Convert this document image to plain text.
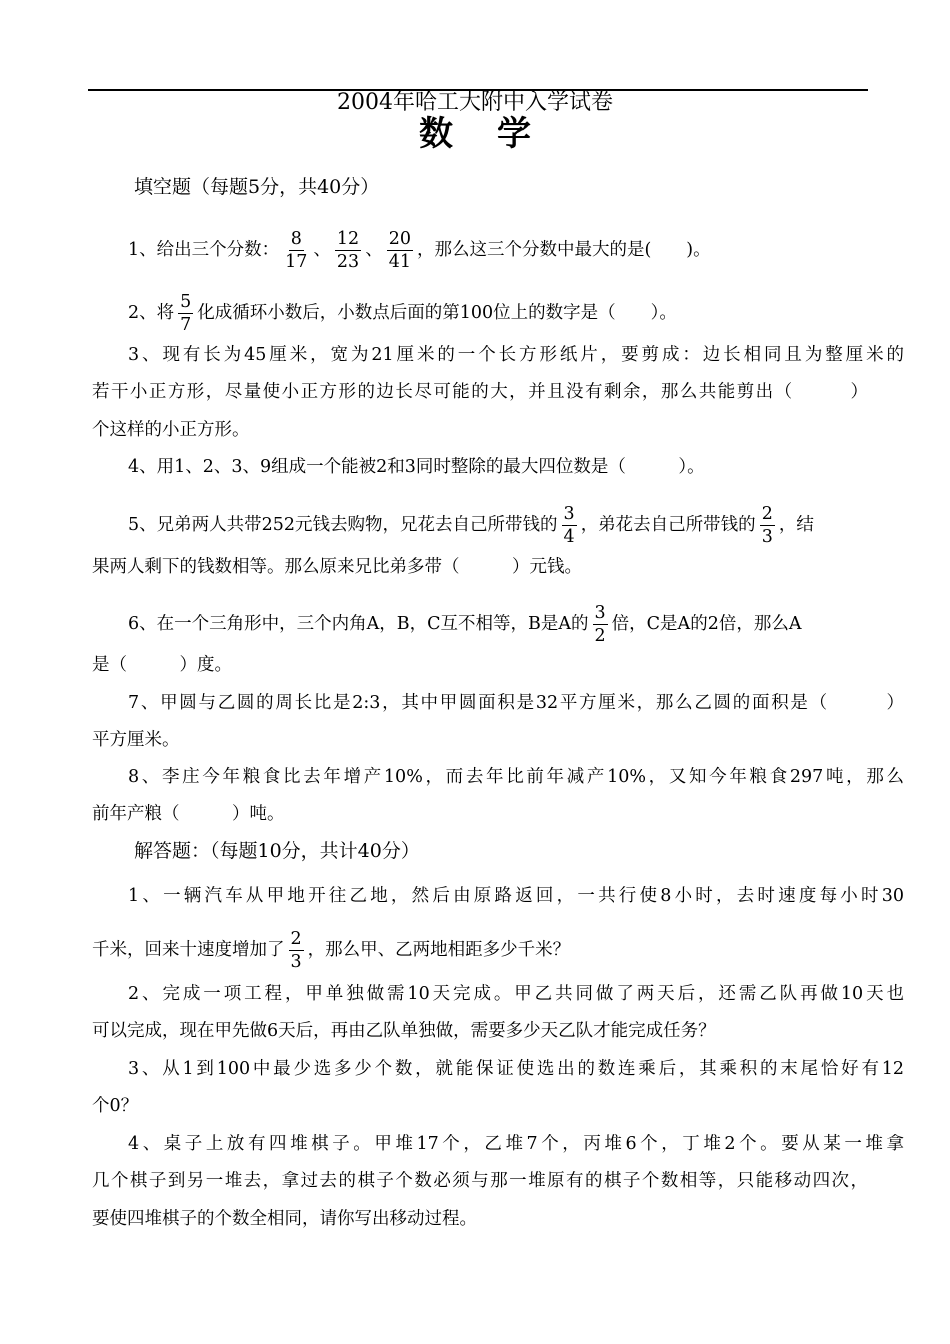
2004年哈工大附中入学试卷
数学
填空题（每题5分，共40分）
1、给出三个分数： $\frac{8}{17}$ 、 $\frac{12}{23}$ 、 $\frac{20}{41}$ ，那么这三个分数中最大的是(　　)。
2、将 $\frac{5}{7}$ 化成循环小数后，小数点后面的第100位上的数字是（　　）。
3、现有长为45厘米，宽为21厘米的一个长方形纸片，要剪成：边长相同且为整厘米的
若干小正方形，尽量使小正方形的边长尽可能的大，并且没有剩余，那么共能剪出（　　　）
个这样的小正方形。
4、用1、2、3、9组成一个能被2和3同时整除的最大四位数是（　　　）。
5、兄弟两人共带252元钱去购物，兄花去自己所带钱的 $\frac{3}{4}$ ，弟花去自己所带钱的 $\frac{2}{3}$ ，结
果两人剩下的钱数相等。那么原来兄比弟多带（　　　）元钱。
6、在一个三角形中，三个内角A，B，C互不相等，B是A的 $\frac{3}{2}$ 倍，C是A的2倍，那么A
是（　　　）度。
7、甲圆与乙圆的周长比是2:3，其中甲圆面积是32平方厘米，那么乙圆的面积是（　　　）
平方厘米。
8、李庄今年粮食比去年增产10%，而去年比前年减产10%，又知今年粮食297吨，那么
前年产粮（　　　）吨。
解答题：（每题10分，共计40分）
1、一辆汽车从甲地开往乙地，然后由原路返回，一共行使8小时，去时速度每小时30
千米，回来十速度增加了 $\frac{2}{3}$ ，那么甲、乙两地相距多少千米？
2、完成一项工程，甲单独做需10天完成。甲乙共同做了两天后，还需乙队再做10天也
可以完成，现在甲先做6天后，再由乙队单独做，需要多少天乙队才能完成任务？
3、从1到100中最少选多少个数，就能保证使选出的数连乘后，其乘积的末尾恰好有12
个0？
4、桌子上放有四堆棋子。甲堆17个，乙堆7个，丙堆6个，丁堆2个。要从某一堆拿
几个棋子到另一堆去，拿过去的棋子个数必须与那一堆原有的棋子个数相等，只能移动四次，
要使四堆棋子的个数全相同，请你写出移动过程。
